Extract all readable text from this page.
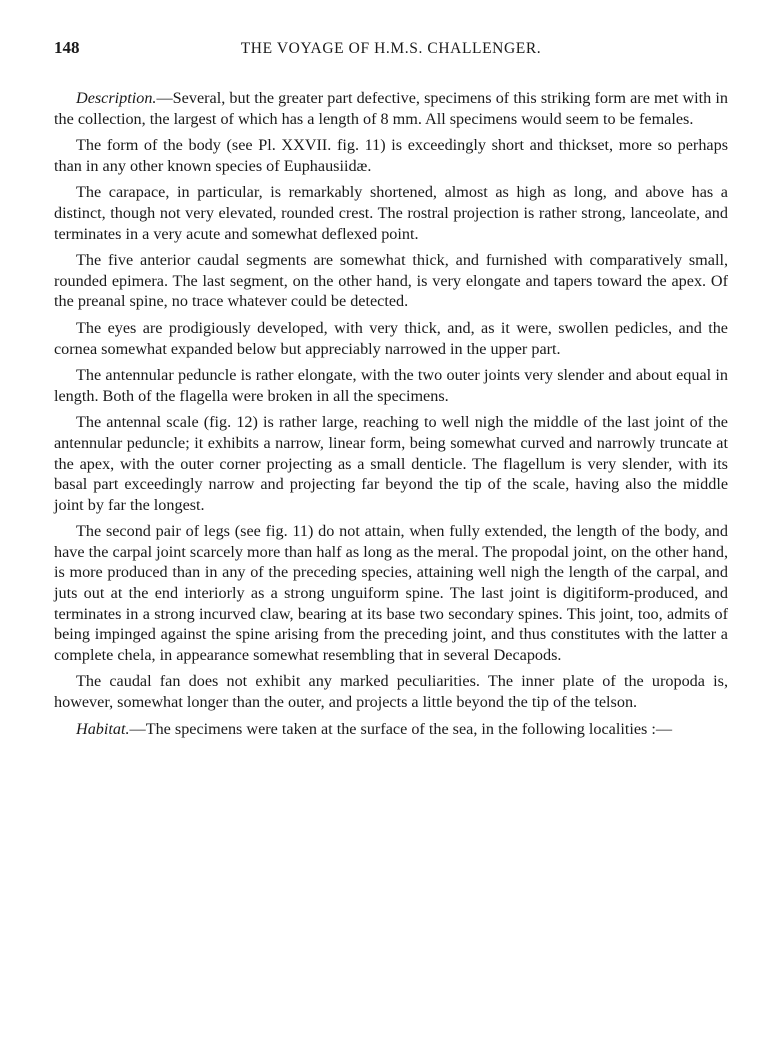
148	THE VOYAGE OF H.M.S. CHALLENGER.

Description.—Several, but the greater part defective, specimens of this striking form are met with in the collection, the largest of which has a length of 8 mm. All specimens would seem to be females.

The form of the body (see Pl. XXVII. fig. 11) is exceedingly short and thickset, more so perhaps than in any other known species of Euphausiidæ.

The carapace, in particular, is remarkably shortened, almost as high as long, and above has a distinct, though not very elevated, rounded crest. The rostral projection is rather strong, lanceolate, and terminates in a very acute and somewhat deflexed point.

The five anterior caudal segments are somewhat thick, and furnished with comparatively small, rounded epimera. The last segment, on the other hand, is very elongate and tapers toward the apex. Of the preanal spine, no trace whatever could be detected.

The eyes are prodigiously developed, with very thick, and, as it were, swollen pedicles, and the cornea somewhat expanded below but appreciably narrowed in the upper part.

The antennular peduncle is rather elongate, with the two outer joints very slender and about equal in length. Both of the flagella were broken in all the specimens.

The antennal scale (fig. 12) is rather large, reaching to well nigh the middle of the last joint of the antennular peduncle; it exhibits a narrow, linear form, being somewhat curved and narrowly truncate at the apex, with the outer corner projecting as a small denticle. The flagellum is very slender, with its basal part exceedingly narrow and projecting far beyond the tip of the scale, having also the middle joint by far the longest.

The second pair of legs (see fig. 11) do not attain, when fully extended, the length of the body, and have the carpal joint scarcely more than half as long as the meral. The propodal joint, on the other hand, is more produced than in any of the preceding species, attaining well nigh the length of the carpal, and juts out at the end interiorly as a strong unguiform spine. The last joint is digitiform-produced, and terminates in a strong incurved claw, bearing at its base two secondary spines. This joint, too, admits of being impinged against the spine arising from the preceding joint, and thus constitutes with the latter a complete chela, in appearance somewhat resembling that in several Decapods.

The caudal fan does not exhibit any marked peculiarities. The inner plate of the uropoda is, however, somewhat longer than the outer, and projects a little beyond the tip of the telson.

Habitat.—The specimens were taken at the surface of the sea, in the following localities :—
